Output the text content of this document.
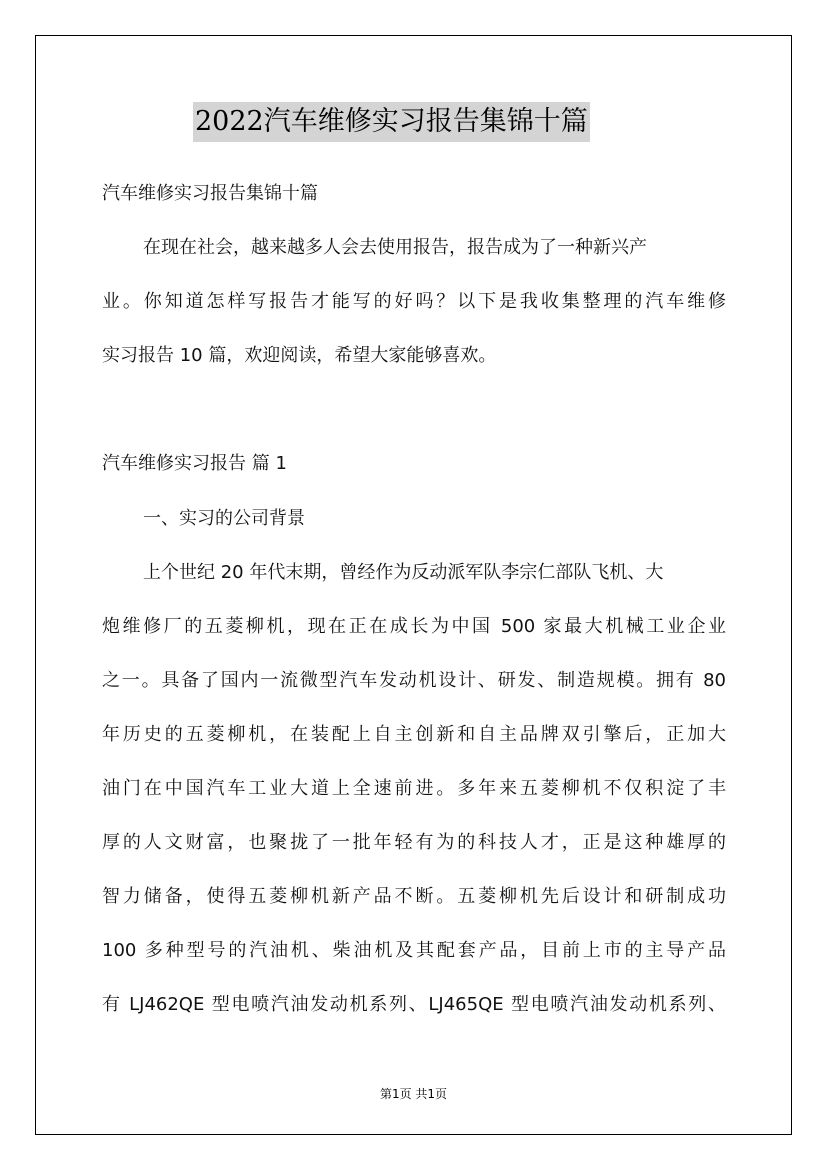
2022汽车维修实习报告集锦十篇
汽车维修实习报告集锦十篇
在现在社会，越来越多人会去使用报告，报告成为了一种新兴产
业。你知道怎样写报告才能写的好吗？以下是我收集整理的汽车维修
实习报告 10 篇，欢迎阅读，希望大家能够喜欢。
汽车维修实习报告 篇 1
一、实习的公司背景
上个世纪 20 年代末期，曾经作为反动派军队李宗仁部队飞机、大
炮维修厂的五菱柳机，现在正在成长为中国 500 家最大机械工业企业
之一。具备了国内一流微型汽车发动机设计、研发、制造规模。拥有 80
年历史的五菱柳机，在装配上自主创新和自主品牌双引擎后，正加大
油门在中国汽车工业大道上全速前进。多年来五菱柳机不仅积淀了丰
厚的人文财富，也聚拢了一批年轻有为的科技人才，正是这种雄厚的
智力储备，使得五菱柳机新产品不断。五菱柳机先后设计和研制成功
100 多种型号的汽油机、柴油机及其配套产品，目前上市的主导产品
有 LJ462QE 型电喷汽油发动机系列、LJ465QE 型电喷汽油发动机系列、
第1页 共1页
